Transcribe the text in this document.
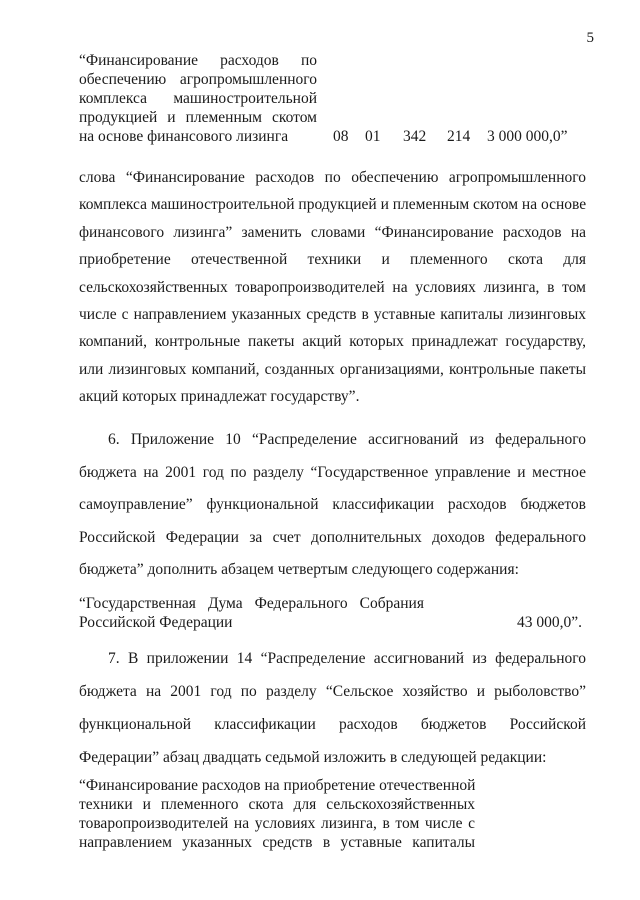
5
“Финансирование расходов по
обеспечению агропромышленного
комплекса машиностроительной
продукцией и племенным скотом
на основе финансового лизинга	08 01 342 214 3 000 000,0”
слова “Финансирование расходов по обеспечению агропромышленного
комплекса машиностроительной продукцией и племенным скотом на основе
финансового лизинга” заменить словами “Финансирование расходов на
приобретение отечественной техники и племенного скота для
сельскохозяйственных товаропроизводителей на условиях лизинга, в том
числе с направлением указанных средств в уставные капиталы лизинговых
компаний, контрольные пакеты акций которых принадлежат государству,
или лизинговых компаний, созданных организациями, контрольные пакеты
акций которых принадлежат государству”.
6. Приложение 10 “Распределение ассигнований из федерального
бюджета на 2001 год по разделу “Государственное управление и местное
самоуправление” функциональной классификации расходов бюджетов
Российской Федерации за счет дополнительных доходов федерального
бюджета” дополнить абзацем четвертым следующего содержания:
“Государственная Дума Федерального Собрания
Российской Федерации	43 000,0”.
7. В приложении 14 “Распределение ассигнований из федерального
бюджета на 2001 год по разделу “Сельское хозяйство и рыболовство”
функциональной классификации расходов бюджетов Российской
Федерации” абзац двадцать седьмой изложить в следующей редакции:
“Финансирование расходов на приобретение отечественной
техники и племенного скота для сельскохозяйственных
товаропроизводителей на условиях лизинга, в том числе с
направлением указанных средств в уставные капиталы
